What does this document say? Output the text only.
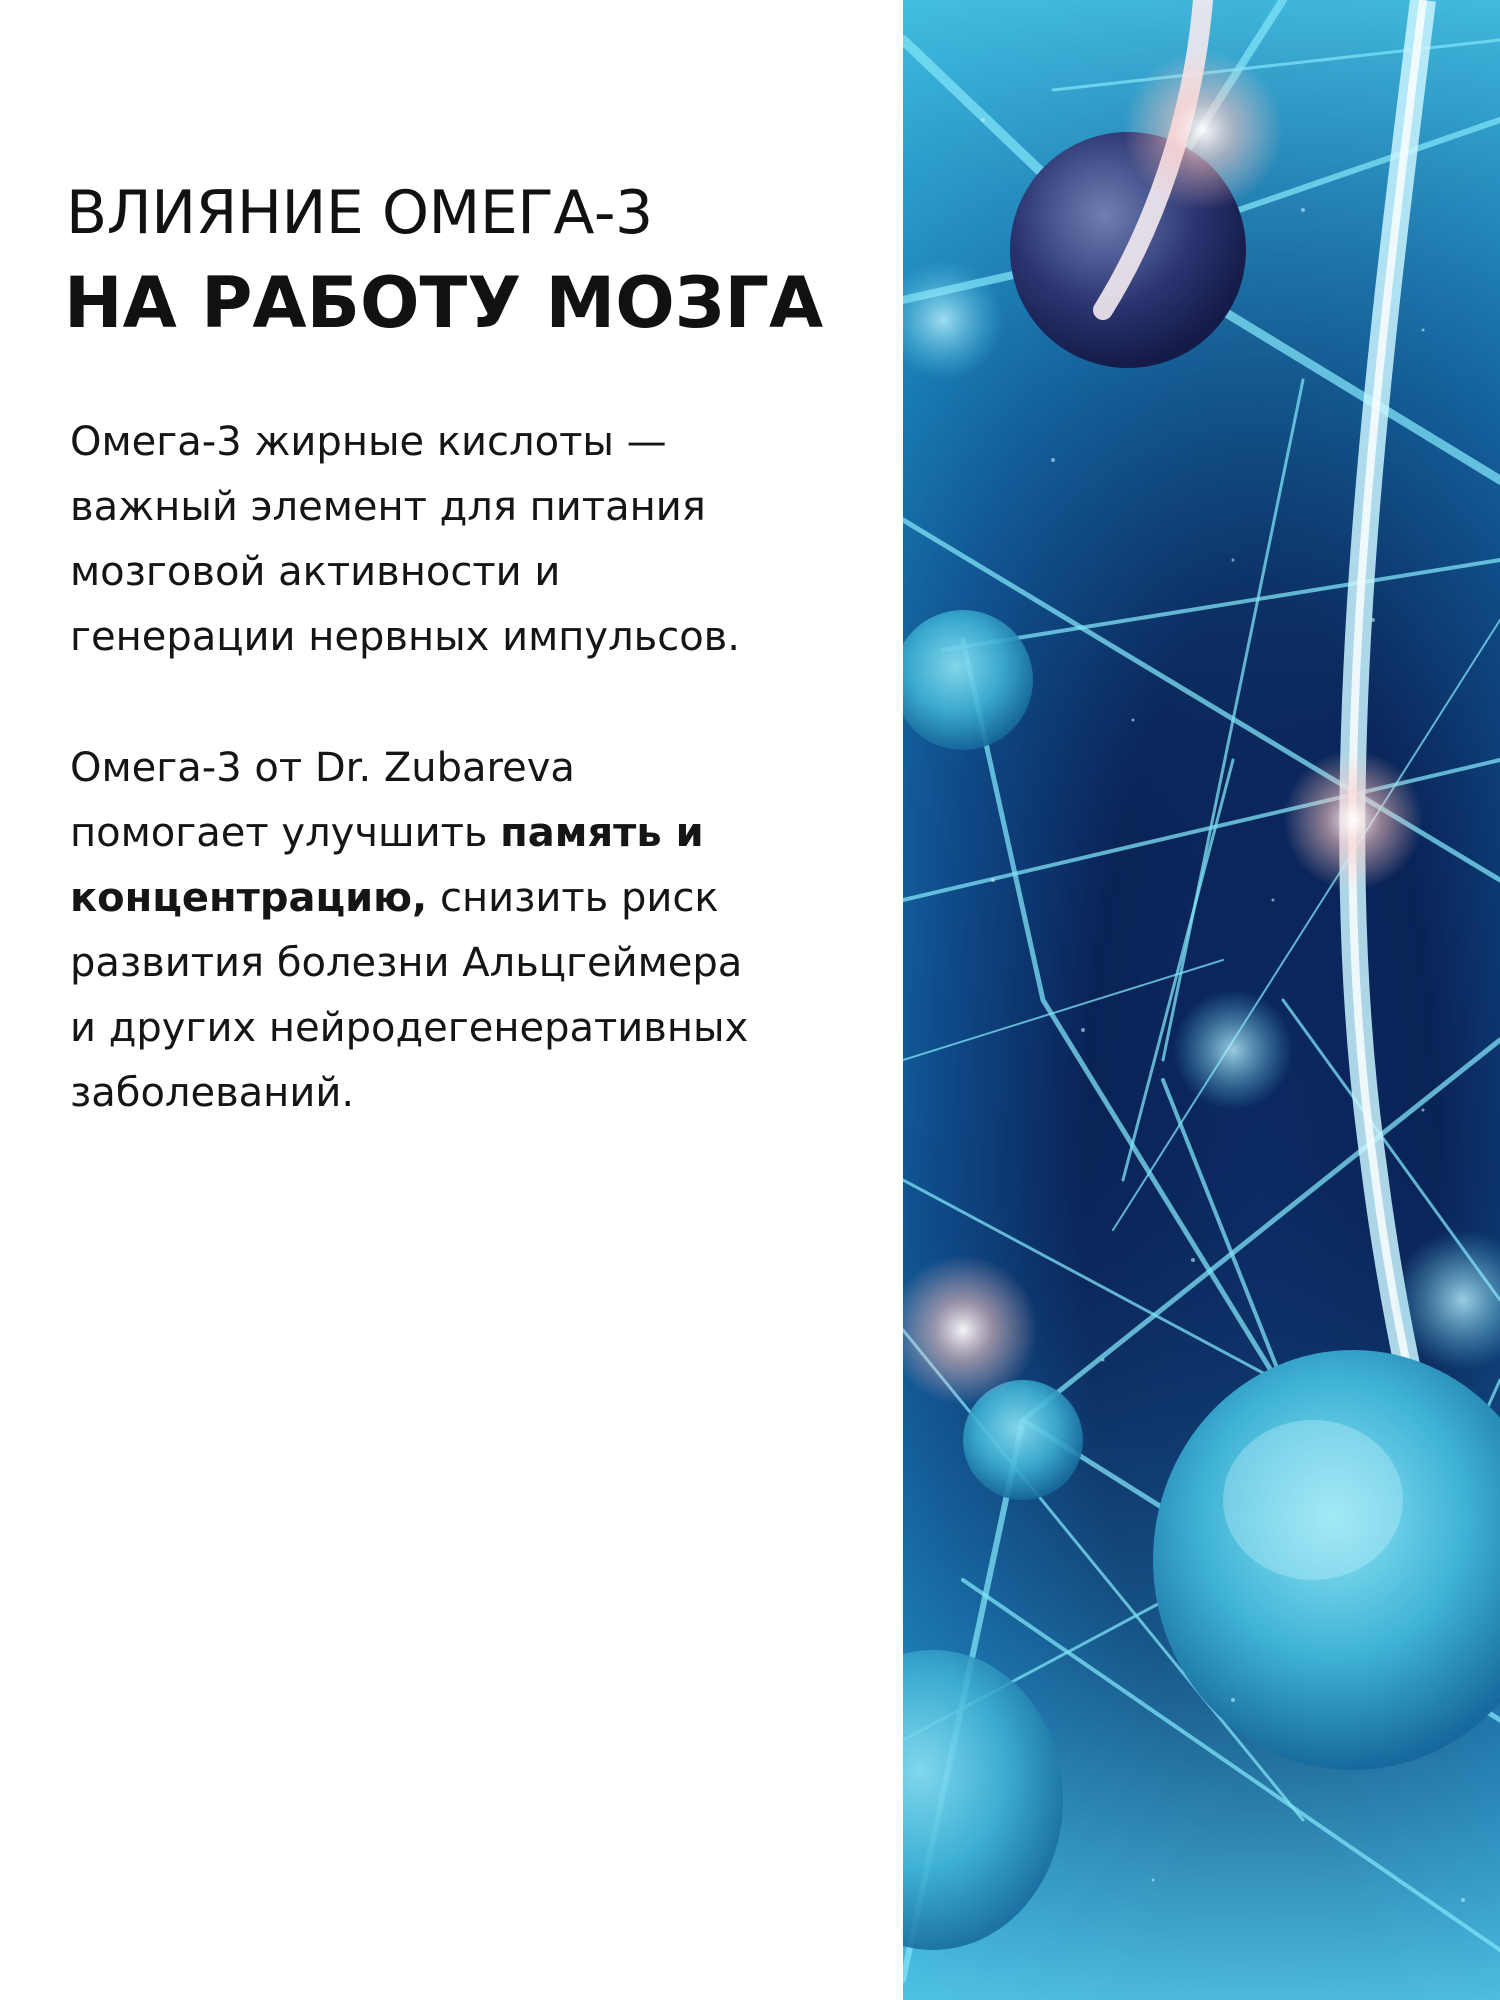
ВЛИЯНИЕ ОМЕГА-3
НА РАБОТУ МОЗГА
Омега-3 жирные кислоты —
важный элемент для питания
мозговой активности и
генерации нервных импульсов.
Омега-3 от Dr. Zubareva
помогает улучшить память и
концентрацию, снизить риск
развития болезни Альцгеймера
и других нейродегенеративных
заболеваний.
